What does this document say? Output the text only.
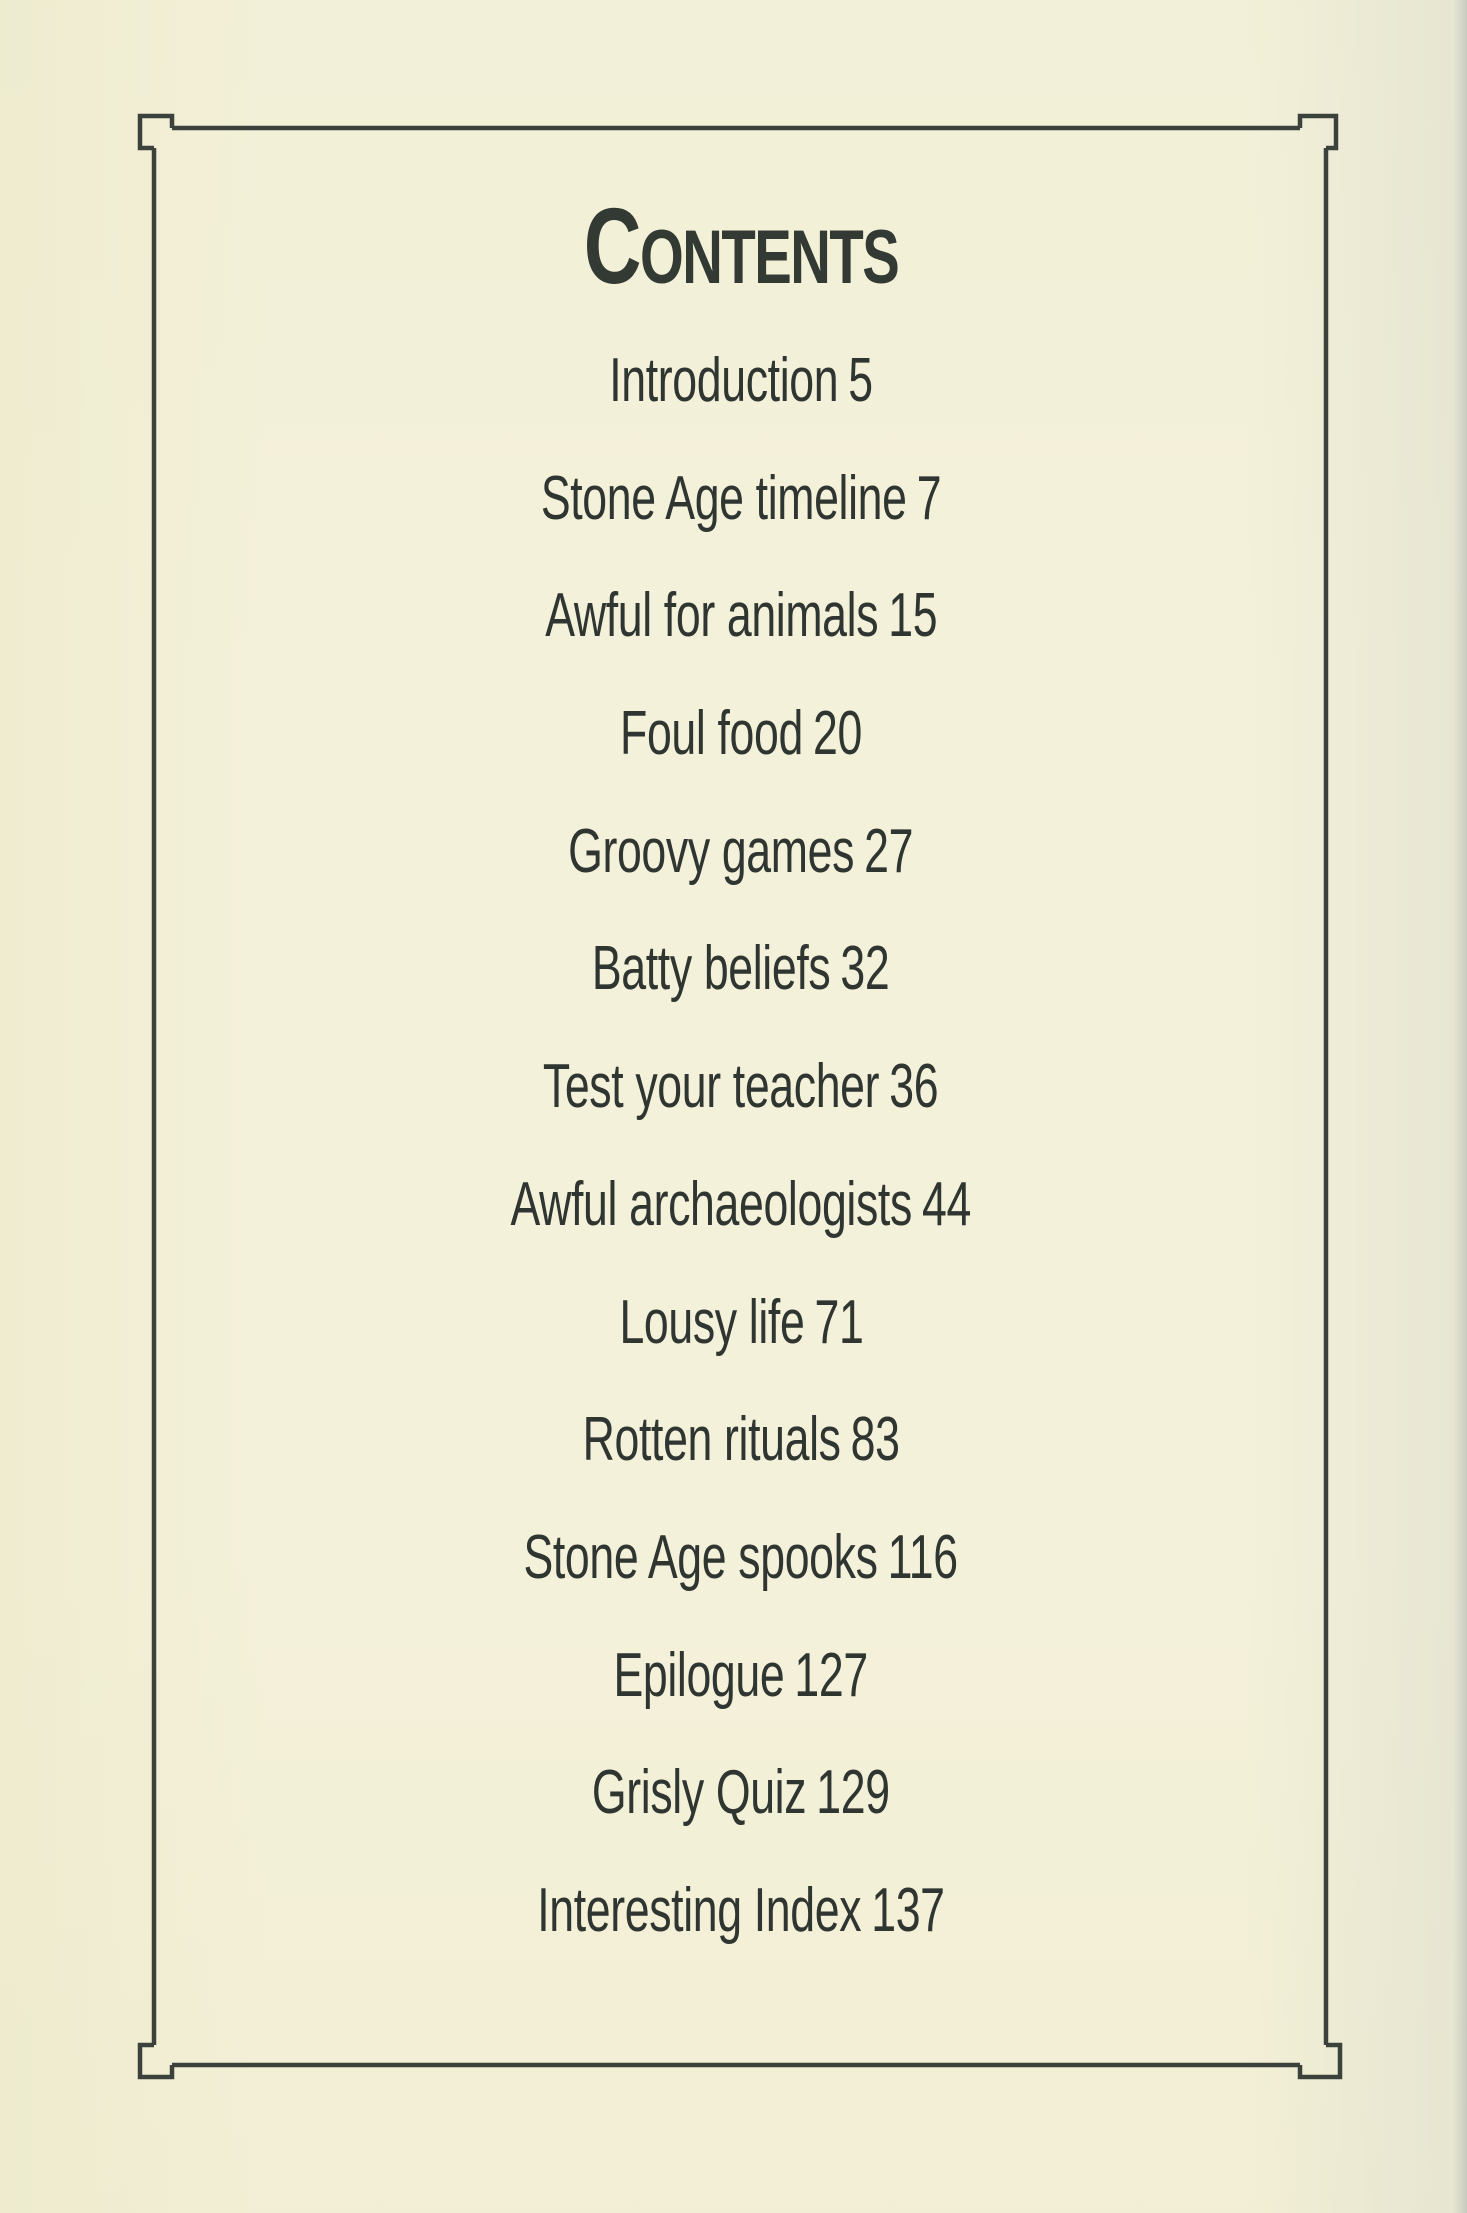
Contents
Introduction 5
Stone Age timeline 7
Awful for animals 15
Foul food 20
Groovy games 27
Batty beliefs 32
Test your teacher 36
Awful archaeologists 44
Lousy life 71
Rotten rituals 83
Stone Age spooks 116
Epilogue 127
Grisly Quiz 129
Interesting Index 137
